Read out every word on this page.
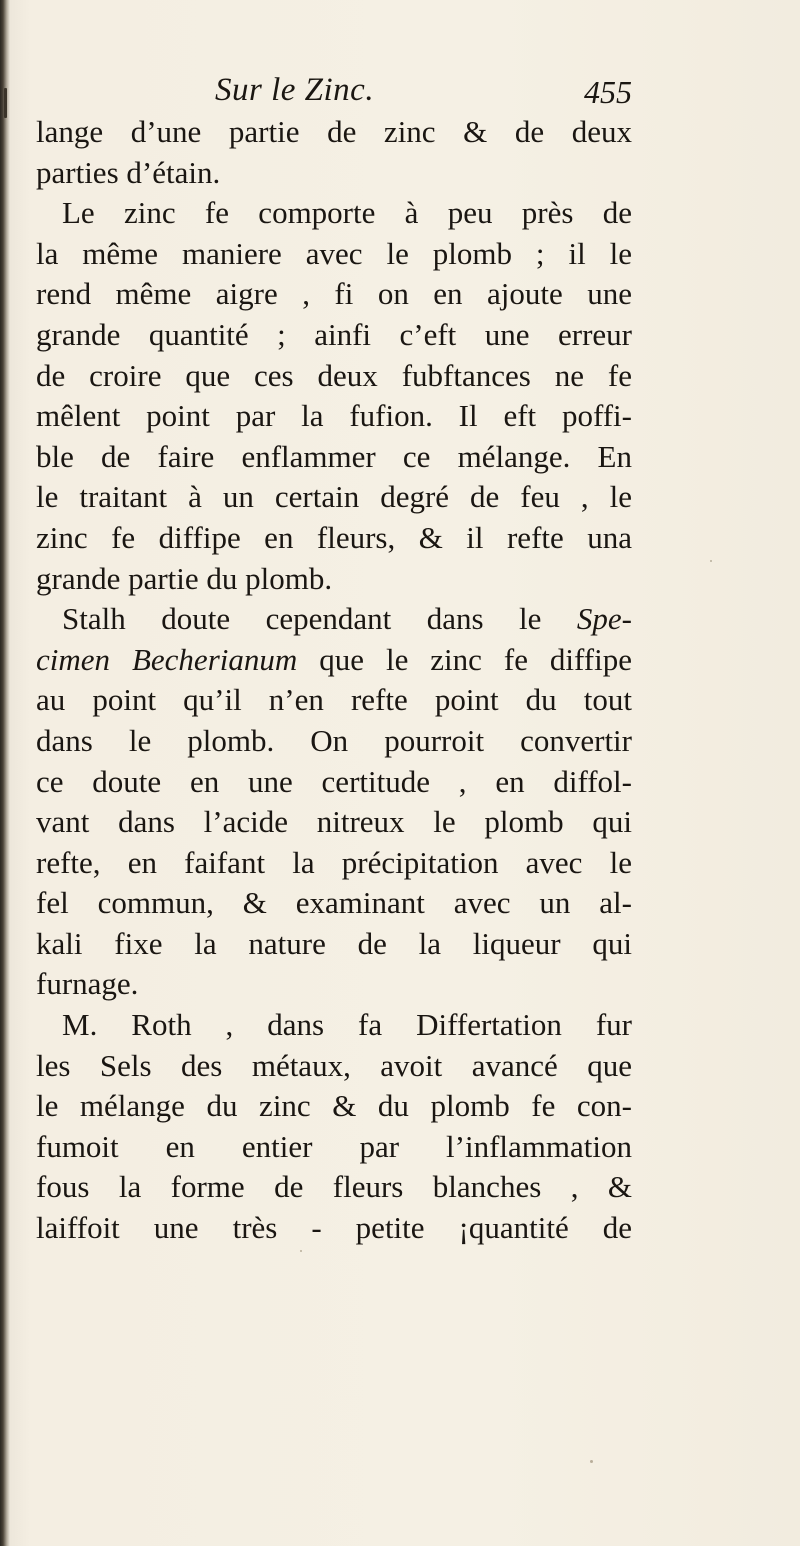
Sur le Zinc.	455
lange d’une partie de zinc & de deux
parties d’étain.
Le zinc fe comporte à peu près de
la même maniere avec le plomb ; il le
rend même aigre , fi on en ajoute une
grande quantité ; ainfi c’eft une erreur
de croire que ces deux fubftances ne fe
mêlent point par la fufion. Il eft poffi-
ble de faire enflammer ce mélange. En
le traitant à un certain degré de feu , le
zinc fe diffipe en fleurs, & il refte una
grande partie du plomb.
Stalh doute cependant dans le Spe-
cimen Becherianum que le zinc fe diffipe
au point qu’il n’en refte point du tout
dans le plomb. On pourroit convertir
ce doute en une certitude , en diffol-
vant dans l’acide nitreux le plomb qui
refte, en faifant la précipitation avec le
fel commun, & examinant avec un al-
kali fixe la nature de la liqueur qui
furnage.
M. Roth , dans fa Differtation fur
les Sels des métaux, avoit avancé que
le mélange du zinc & du plomb fe con-
fumoit en entier par l’inflammation
fous la forme de fleurs blanches , &
laiffoit une très - petite ¡quantité de
